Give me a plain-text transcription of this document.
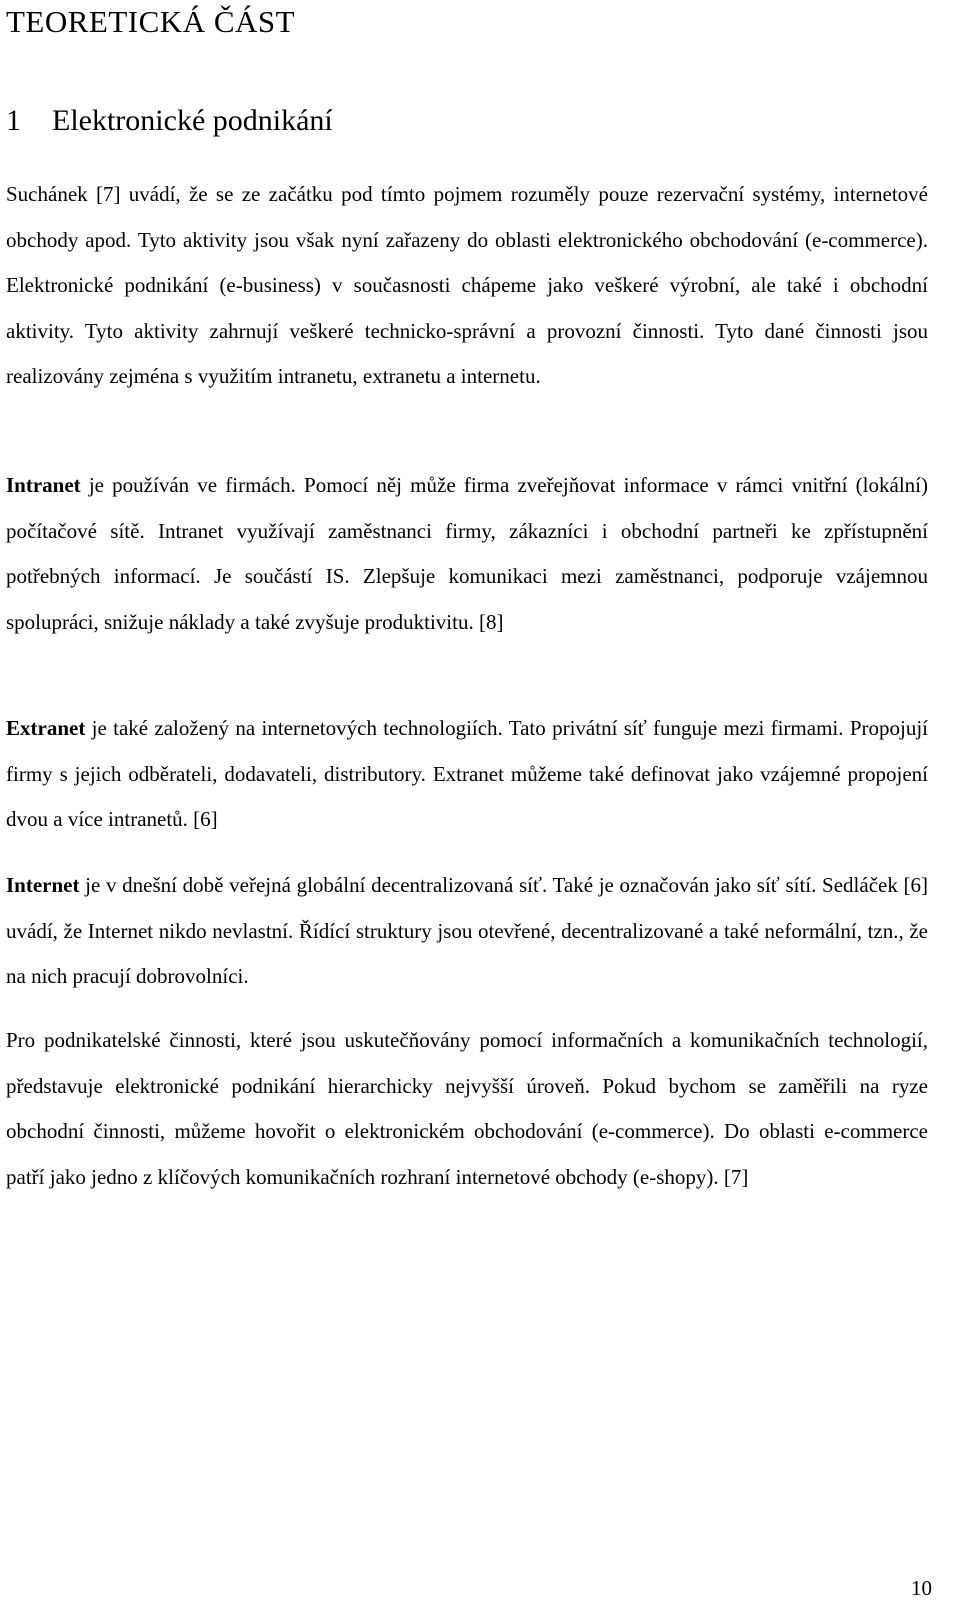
TEORETICKÁ ČÁST
1 Elektronické podnikání

Suchánek [7] uvádí, že se ze začátku pod tímto pojmem rozuměly pouze rezervační systémy, internetové obchody apod. Tyto aktivity jsou však nyní zařazeny do oblasti elektronického obchodování (e-commerce). Elektronické podnikání (e-business) v současnosti chápeme jako veškeré výrobní, ale také i obchodní aktivity. Tyto aktivity zahrnují veškeré technicko-správní a provozní činnosti. Tyto dané činnosti jsou realizovány zejména s využitím intranetu, extranetu a internetu.

Intranet je používán ve firmách. Pomocí něj může firma zveřejňovat informace v rámci vnitřní (lokální) počítačové sítě. Intranet využívají zaměstnanci firmy, zákazníci i obchodní partneři ke zpřístupnění potřebných informací. Je součástí IS. Zlepšuje komunikaci mezi zaměstnanci, podporuje vzájemnou spolupráci, snižuje náklady a také zvyšuje produktivitu. [8]

Extranet je také založený na internetových technologiích. Tato privátní síť funguje mezi firmami. Propojují firmy s jejich odběrateli, dodavateli, distributory. Extranet můžeme také definovat jako vzájemné propojení dvou a více intranetů. [6]

Internet je v dnešní době veřejná globální decentralizovaná síť. Také je označován jako síť sítí. Sedláček [6] uvádí, že Internet nikdo nevlastní. Řídící struktury jsou otevřené, decentralizované a také neformální, tzn., že na nich pracují dobrovolníci.

Pro podnikatelské činnosti, které jsou uskutečňovány pomocí informačních a komunikačních technologií, představuje elektronické podnikání hierarchicky nejvyšší úroveň. Pokud bychom se zaměřili na ryze obchodní činnosti, můžeme hovořit o elektronickém obchodování (e-commerce). Do oblasti e-commerce patří jako jedno z klíčových komunikačních rozhraní internetové obchody (e-shopy). [7]

10
